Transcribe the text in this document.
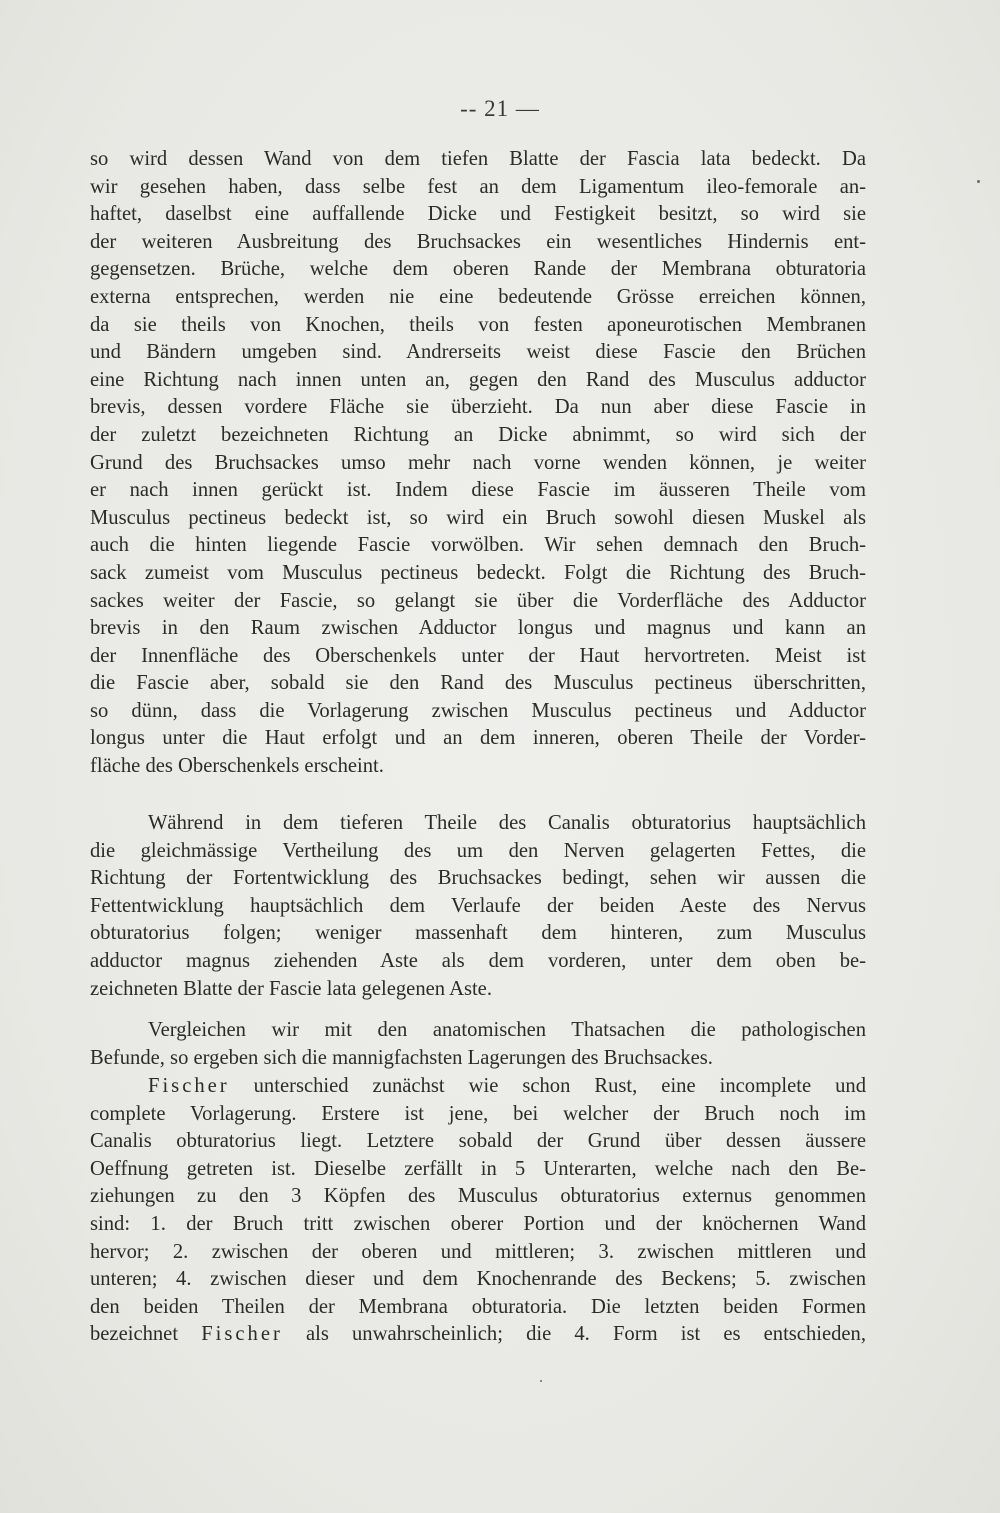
-- 21 —
so wird dessen Wand von dem tiefen Blatte der Fascia lata bedeckt. Da
wir gesehen haben, dass selbe fest an dem Ligamentum ileo-femorale an-
haftet, daselbst eine auffallende Dicke und Festigkeit besitzt, so wird sie
der weiteren Ausbreitung des Bruchsackes ein wesentliches Hindernis ent-
gegensetzen. Brüche, welche dem oberen Rande der Membrana obturatoria
externa entsprechen, werden nie eine bedeutende Grösse erreichen können,
da sie theils von Knochen, theils von festen aponeurotischen Membranen
und Bändern umgeben sind. Andrerseits weist diese Fascie den Brüchen
eine Richtung nach innen unten an, gegen den Rand des Musculus adductor
brevis, dessen vordere Fläche sie überzieht. Da nun aber diese Fascie in
der zuletzt bezeichneten Richtung an Dicke abnimmt, so wird sich der
Grund des Bruchsackes umso mehr nach vorne wenden können, je weiter
er nach innen gerückt ist. Indem diese Fascie im äusseren Theile vom
Musculus pectineus bedeckt ist, so wird ein Bruch sowohl diesen Muskel als
auch die hinten liegende Fascie vorwölben. Wir sehen demnach den Bruch-
sack zumeist vom Musculus pectineus bedeckt. Folgt die Richtung des Bruch-
sackes weiter der Fascie, so gelangt sie über die Vorderfläche des Adductor
brevis in den Raum zwischen Adductor longus und magnus und kann an
der Innenfläche des Oberschenkels unter der Haut hervortreten. Meist ist
die Fascie aber, sobald sie den Rand des Musculus pectineus überschritten,
so dünn, dass die Vorlagerung zwischen Musculus pectineus und Adductor
longus unter die Haut erfolgt und an dem inneren, oberen Theile der Vorder-
fläche des Oberschenkels erscheint.
Während in dem tieferen Theile des Canalis obturatorius hauptsächlich
die gleichmässige Vertheilung des um den Nerven gelagerten Fettes, die
Richtung der Fortentwicklung des Bruchsackes bedingt, sehen wir aussen die
Fettentwicklung hauptsächlich dem Verlaufe der beiden Aeste des Nervus
obturatorius folgen; weniger massenhaft dem hinteren, zum Musculus
adductor magnus ziehenden Aste als dem vorderen, unter dem oben be-
zeichneten Blatte der Fascie lata gelegenen Aste.
Vergleichen wir mit den anatomischen Thatsachen die pathologischen
Befunde, so ergeben sich die mannigfachsten Lagerungen des Bruchsackes.
Fischer unterschied zunächst wie schon Rust, eine incomplete und
complete Vorlagerung. Erstere ist jene, bei welcher der Bruch noch im
Canalis obturatorius liegt. Letztere sobald der Grund über dessen äussere
Oeffnung getreten ist. Dieselbe zerfällt in 5 Unterarten, welche nach den Be-
ziehungen zu den 3 Köpfen des Musculus obturatorius externus genommen
sind: 1. der Bruch tritt zwischen oberer Portion und der knöchernen Wand
hervor; 2. zwischen der oberen und mittleren; 3. zwischen mittleren und
unteren; 4. zwischen dieser und dem Knochenrande des Beckens; 5. zwischen
den beiden Theilen der Membrana obturatoria. Die letzten beiden Formen
bezeichnet Fischer als unwahrscheinlich; die 4. Form ist es entschieden,
